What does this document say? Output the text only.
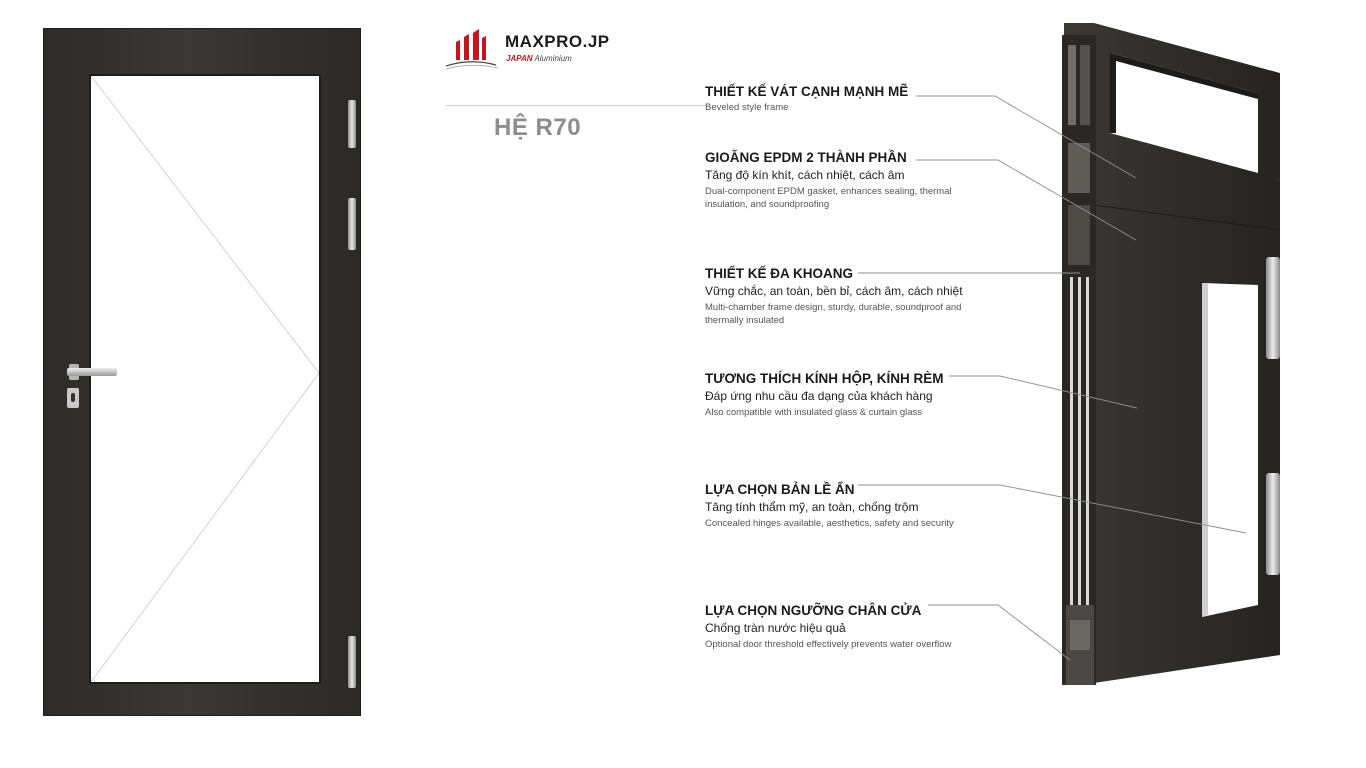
MAXPRO.JP
JAPAN Aluminium
HỆ R70
THIẾT KẾ VÁT CẠNH MẠNH MẼ
Beveled style frame
GIOĂNG EPDM 2 THÀNH PHẦN
Tăng độ kín khít, cách nhiệt, cách âm
Dual-component EPDM gasket, enhances sealing, thermal insulation, and soundproofing
THIẾT KẾ ĐA KHOANG
Vững chắc, an toàn, bền bỉ, cách âm, cách nhiệt
Multi-chamber frame design, sturdy, durable, soundproof and thermally insulated
TƯƠNG THÍCH KÍNH HỘP, KÍNH RÈM
Đáp ứng nhu cầu đa dạng của khách hàng
Also compatible with insulated glass & curtain glass
LỰA CHỌN BẢN LỀ ẨN
Tăng tính thẩm mỹ, an toàn, chống trộm
Concealed hinges available, aesthetics, safety and security
LỰA CHỌN NGƯỠNG CHÂN CỬA
Chống tràn nước hiệu quả
Optional door threshold effectively prevents water overflow
